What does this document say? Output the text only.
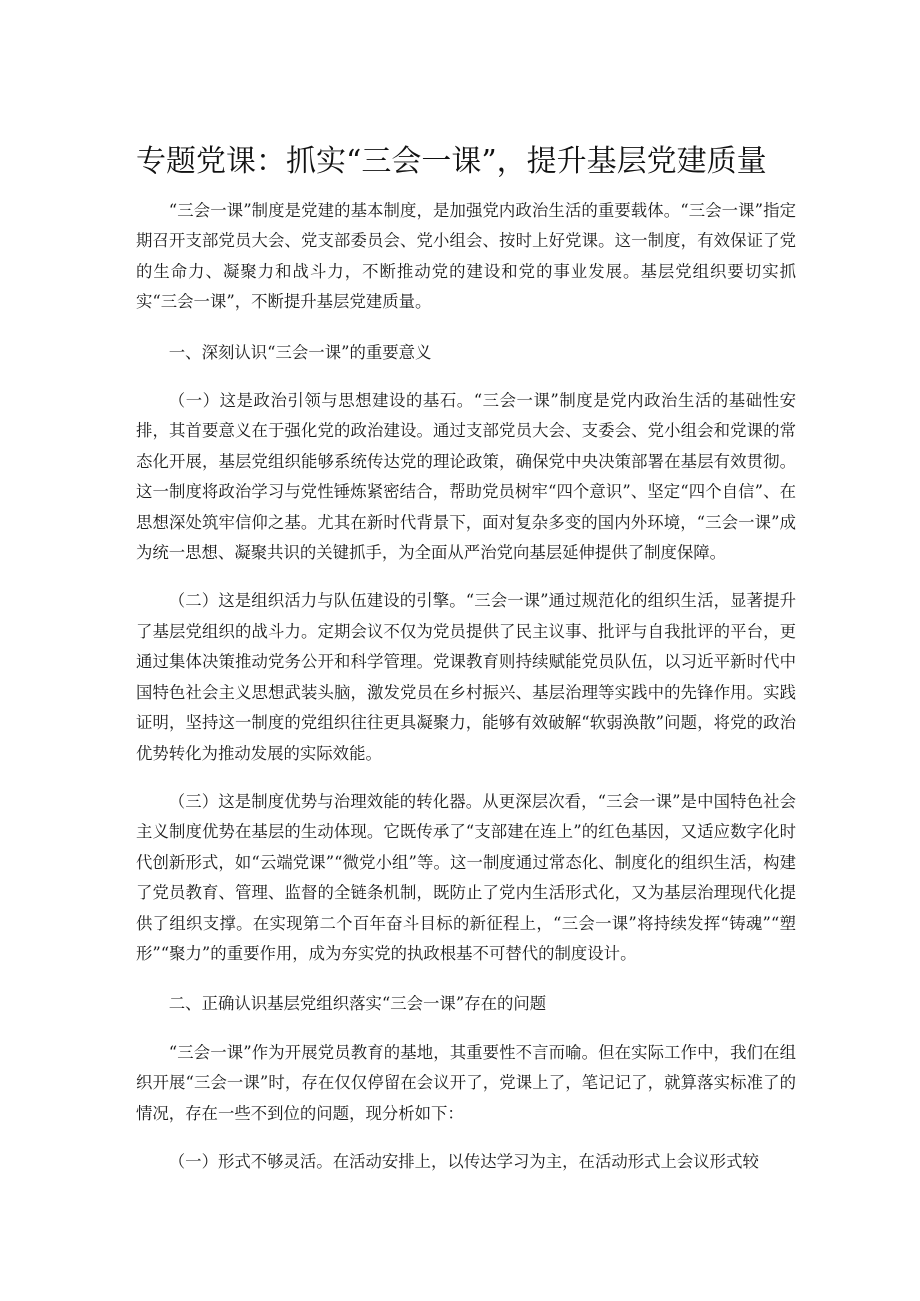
专题党课：抓实“三会一课”，提升基层党建质量

“三会一课”制度是党建的基本制度，是加强党内政治生活的重要载体。“三会一课”指定期召开支部党员大会、党支部委员会、党小组会、按时上好党课。这一制度，有效保证了党的生命力、凝聚力和战斗力，不断推动党的建设和党的事业发展。基层党组织要切实抓实“三会一课”，不断提升基层党建质量。

一、深刻认识“三会一课”的重要意义

（一）这是政治引领与思想建设的基石。“三会一课”制度是党内政治生活的基础性安排，其首要意义在于强化党的政治建设。通过支部党员大会、支委会、党小组会和党课的常态化开展，基层党组织能够系统传达党的理论政策，确保党中央决策部署在基层有效贯彻。这一制度将政治学习与党性锤炼紧密结合，帮助党员树牢“四个意识”、坚定“四个自信”、在思想深处筑牢信仰之基。尤其在新时代背景下，面对复杂多变的国内外环境，“三会一课”成为统一思想、凝聚共识的关键抓手，为全面从严治党向基层延伸提供了制度保障。

（二）这是组织活力与队伍建设的引擎。“三会一课”通过规范化的组织生活，显著提升了基层党组织的战斗力。定期会议不仅为党员提供了民主议事、批评与自我批评的平台，更通过集体决策推动党务公开和科学管理。党课教育则持续赋能党员队伍，以习近平新时代中国特色社会主义思想武装头脑，激发党员在乡村振兴、基层治理等实践中的先锋作用。实践证明，坚持这一制度的党组织往往更具凝聚力，能够有效破解“软弱涣散”问题，将党的政治优势转化为推动发展的实际效能。

（三）这是制度优势与治理效能的转化器。从更深层次看，“三会一课”是中国特色社会主义制度优势在基层的生动体现。它既传承了“支部建在连上”的红色基因，又适应数字化时代创新形式，如“云端党课”“微党小组”等。这一制度通过常态化、制度化的组织生活，构建了党员教育、管理、监督的全链条机制，既防止了党内生活形式化，又为基层治理现代化提供了组织支撑。在实现第二个百年奋斗目标的新征程上，“三会一课”将持续发挥“铸魂”“塑形”“聚力”的重要作用，成为夯实党的执政根基不可替代的制度设计。

二、正确认识基层党组织落实“三会一课”存在的问题

“三会一课”作为开展党员教育的基地，其重要性不言而喻。但在实际工作中，我们在组织开展“三会一课”时，存在仅仅停留在会议开了，党课上了，笔记记了，就算落实标准了的情况，存在一些不到位的问题，现分析如下：

（一）形式不够灵活。在活动安排上，以传达学习为主，在活动形式上会议形式较
